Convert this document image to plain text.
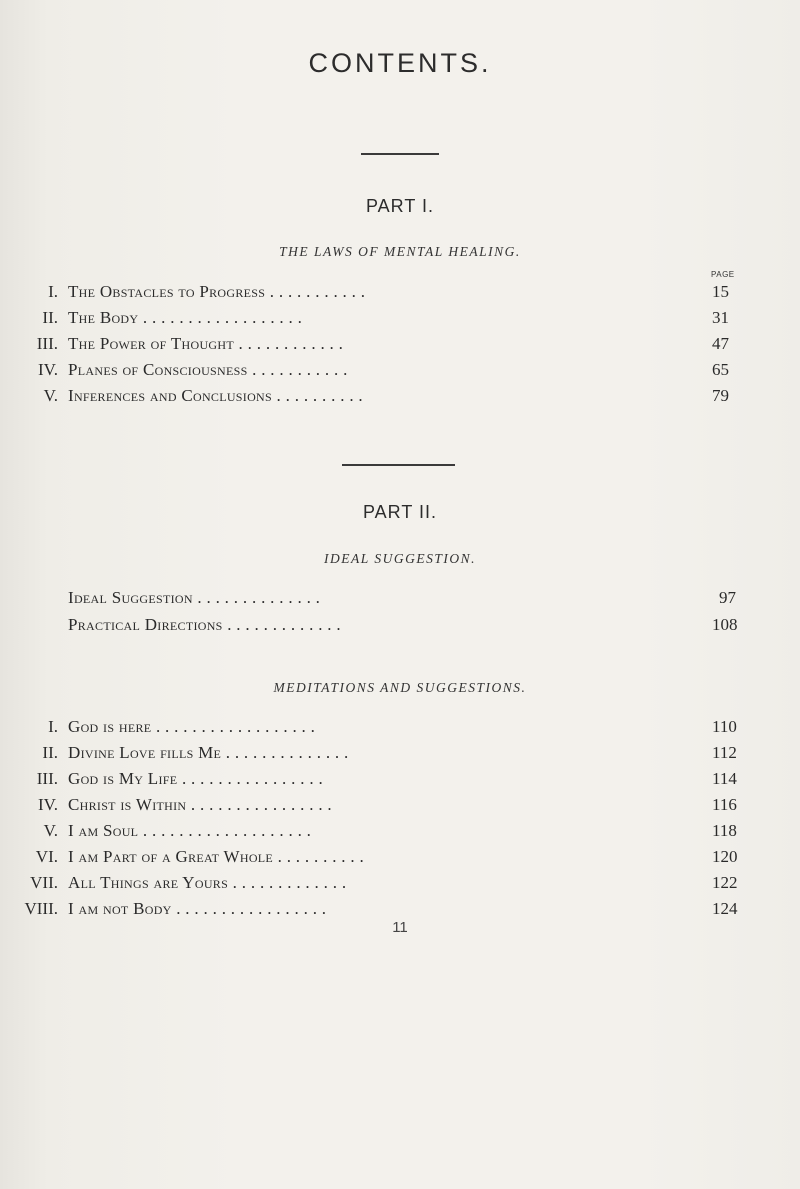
CONTENTS.
PART I.
THE LAWS OF MENTAL HEALING.
PAGE
I. The Obstacles to Progress . . . . . . . . . . .	15
II. The Body . . . . . . . . . . . . . . . . . .	31
III. The Power of Thought . . . . . . . . . . . .	47
IV. Planes of Consciousness . . . . . . . . . . .	65
V. Inferences and Conclusions . . . . . . . . . .	79
PART II.
IDEAL SUGGESTION.
Ideal Suggestion . . . . . . . . . . . . . .	97
Practical Directions . . . . . . . . . . . . .	108
MEDITATIONS AND SUGGESTIONS.
I. God is here . . . . . . . . . . . . . . . . . .	110
II. Divine Love fills Me . . . . . . . . . . . . . .	112
III. God is My Life . . . . . . . . . . . . . . . .	114
IV. Christ is Within . . . . . . . . . . . . . . . .	116
V. I am Soul . . . . . . . . . . . . . . . . . . .	118
VI. I am Part of a Great Whole . . . . . . . . . .	120
VII. All Things are Yours . . . . . . . . . . . . .	122
VIII. I am not Body . . . . . . . . . . . . . . . . .	124
11
